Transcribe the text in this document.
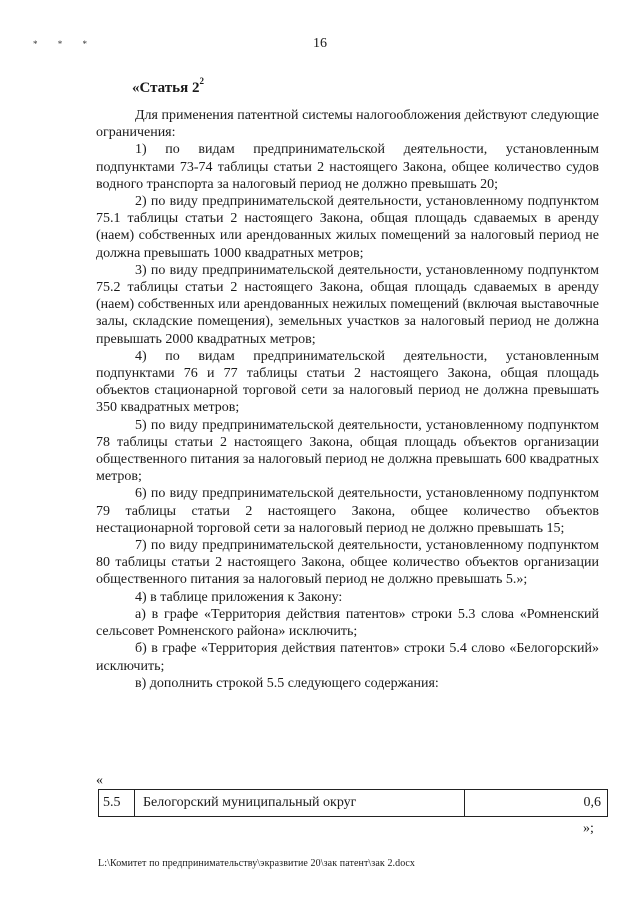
* * *	16
«Статья $2^2$

Для применения патентной системы налогообложения действуют следующие ограничения:

1) по видам предпринимательской деятельности, установленным подпунктами 73-74 таблицы статьи 2 настоящего Закона, общее количество судов водного транспорта за налоговый период не должно превышать 20;

2) по виду предпринимательской деятельности, установленному подпунктом 75.1 таблицы статьи 2 настоящего Закона, общая площадь сдаваемых в аренду (наем) собственных или арендованных жилых помещений за налоговый период не должна превышать 1000 квадратных метров;

3) по виду предпринимательской деятельности, установленному подпунктом 75.2 таблицы статьи 2 настоящего Закона, общая площадь сдаваемых в аренду (наем) собственных или арендованных нежилых помещений (включая выставочные залы, складские помещения), земельных участков за налоговый период не должна превышать 2000 квадратных метров;

4) по видам предпринимательской деятельности, установленным подпунктами 76 и 77 таблицы статьи 2 настоящего Закона, общая площадь объектов стационарной торговой сети за налоговый период не должна превышать 350 квадратных метров;

5) по виду предпринимательской деятельности, установленному подпунктом 78 таблицы статьи 2 настоящего Закона, общая площадь объектов организации общественного питания за налоговый период не должна превышать 600 квадратных метров;

6) по виду предпринимательской деятельности, установленному подпунктом 79 таблицы статьи 2 настоящего Закона, общее количество объектов нестационарной торговой сети за налоговый период не должно превышать 15;

7) по виду предпринимательской деятельности, установленному подпунктом 80 таблицы статьи 2 настоящего Закона, общее количество объектов организации общественного питания за налоговый период не должно превышать 5.»;

4) в таблице приложения к Закону:

а) в графе «Территория действия патентов» строки 5.3 слова «Ромненский сельсовет Ромненского района» исключить;

б) в графе «Территория действия патентов» строки 5.4 слово «Белогорский» исключить;

в) дополнить строкой 5.5 следующего содержания:

«
5.5	Белогорский муниципальный округ	0,6
»;
L:\Комитет по предпринимательству\экразвитие 20\зак патент\зак 2.docx
